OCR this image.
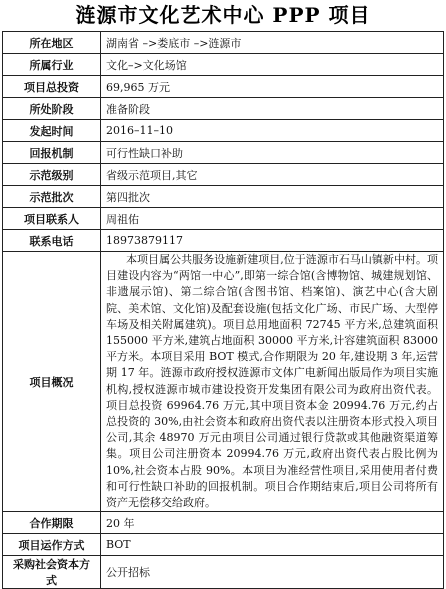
涟源市文化艺术中心 PPP 项目
所在地区	湖南省 –>娄底市 –>涟源市
所属行业	文化–>文化场馆
项目总投资	69,965 万元
所处阶段	准备阶段
发起时间	2016–11–10
回报机制	可行性缺口补助
示范级别	省级示范项目,其它
示范批次	第四批次
项目联系人	周祖佑
联系电话	18973879117
项目概况	本项目属公共服务设施新建项目,位于涟源市石马山镇新中村。项目建设内容为“两馆一中心”,即第一综合馆(含博物馆、城建规划馆、非遗展示馆)、第二综合馆(含图书馆、档案馆)、演艺中心(含大剧院、美术馆、文化馆)及配套设施(包括文化广场、市民广场、大型停车场及相关附属建筑)。项目总用地面积 72745 平方米,总建筑面积 155000 平方米,建筑占地面积 30000 平方米,计容建筑面积 83000 平方米。本项目采用 BOT 模式,合作期限为 20 年,建设期 3 年,运营期 17 年。涟源市政府授权涟源市文体广电新闻出版局作为项目实施机构,授权涟源市城市建设投资开发集团有限公司为政府出资代表。项目总投资 69964.76 万元,其中项目资本金 20994.76 万元,约占总投资的 30%,由社会资本和政府出资代表以注册资本形式投入项目公司,其余 48970 万元由项目公司通过银行贷款或其他融资渠道筹集。项目公司注册资本 20994.76 万元,政府出资代表占股比例为 10%,社会资本占股 90%。本项目为准经营性项目,采用使用者付费和可行性缺口补助的回报机制。项目合作期结束后,项目公司将所有资产无偿移交给政府。
合作期限	20 年
项目运作方式	BOT
采购社会资本方式	公开招标
